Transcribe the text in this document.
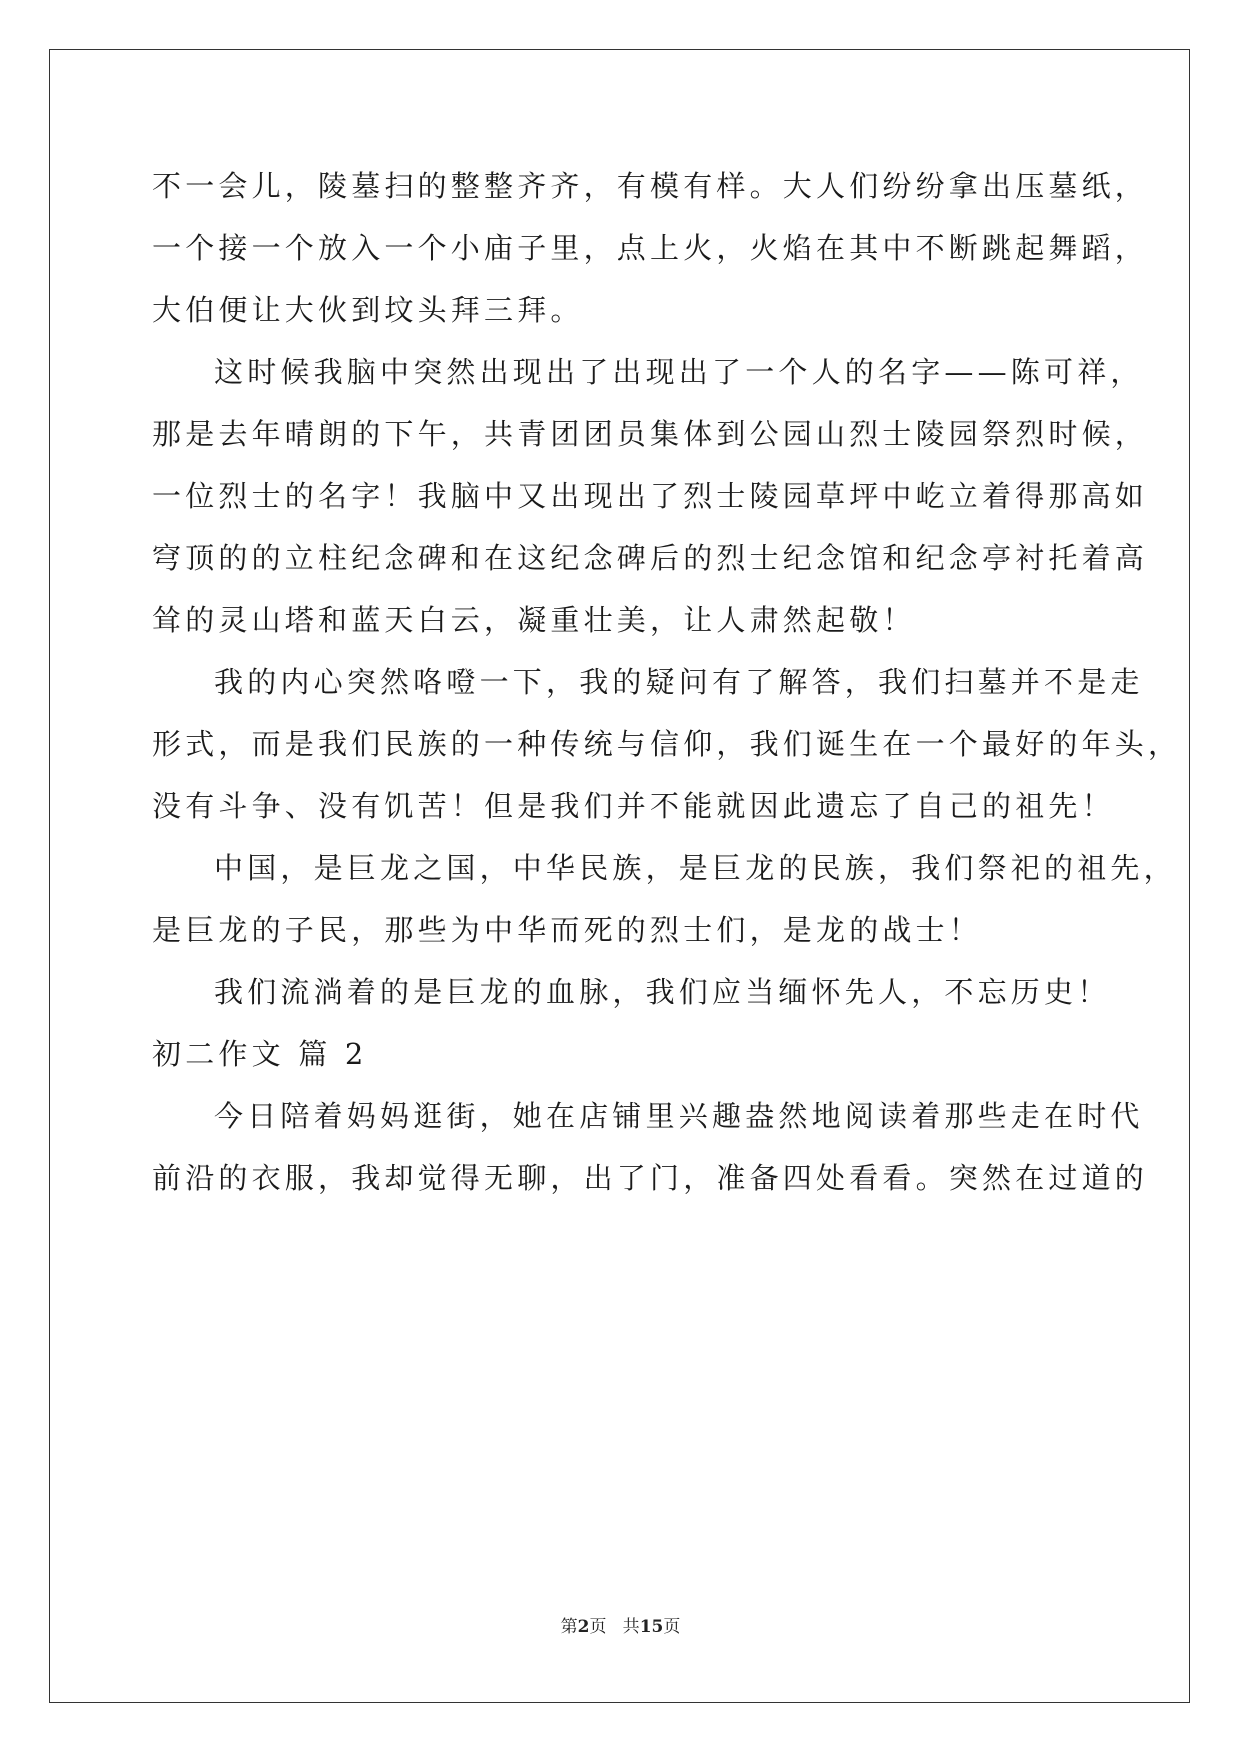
不一会儿，陵墓扫的整整齐齐，有模有样。大人们纷纷拿出压墓纸，

一个接一个放入一个小庙子里，点上火，火焰在其中不断跳起舞蹈，

大伯便让大伙到坟头拜三拜。

这时候我脑中突然出现出了出现出了一个人的名字——陈可祥，

那是去年晴朗的下午，共青团团员集体到公园山烈士陵园祭烈时候，

一位烈士的名字！我脑中又出现出了烈士陵园草坪中屹立着得那高如

穹顶的的立柱纪念碑和在这纪念碑后的烈士纪念馆和纪念亭衬托着高

耸的灵山塔和蓝天白云，凝重壮美，让人肃然起敬！

我的内心突然咯噔一下，我的疑问有了解答，我们扫墓并不是走

形式，而是我们民族的一种传统与信仰，我们诞生在一个最好的年头，

没有斗争、没有饥苦！但是我们并不能就因此遗忘了自己的祖先！

中国，是巨龙之国，中华民族，是巨龙的民族，我们祭祀的祖先，

是巨龙的子民，那些为中华而死的烈士们，是龙的战士！

我们流淌着的是巨龙的血脉，我们应当缅怀先人，不忘历史！

初二作文 篇 2

今日陪着妈妈逛街，她在店铺里兴趣盎然地阅读着那些走在时代

前沿的衣服，我却觉得无聊，出了门，准备四处看看。突然在过道的

第2页   共15页
